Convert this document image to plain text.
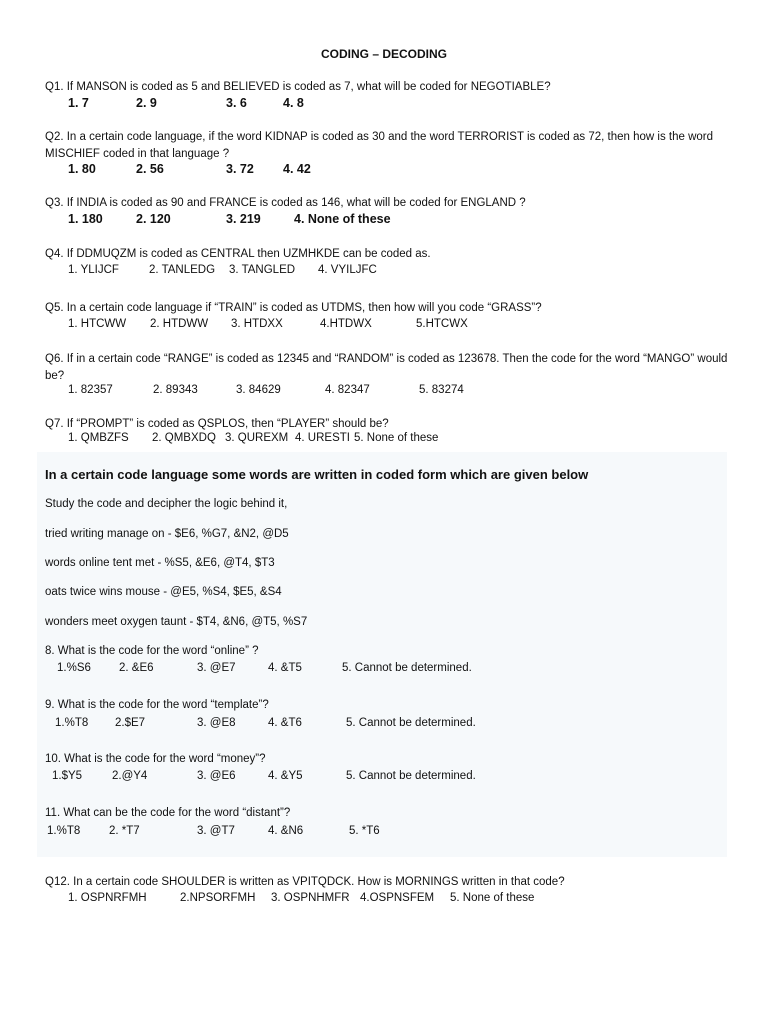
CODING – DECODING
Q1. If MANSON is coded as 5 and BELIEVED is coded as 7, what will be coded for NEGOTIABLE?
1. 7	2. 9	3. 6	4. 8
Q2. In a certain code language, if the word KIDNAP is coded as 30 and the word TERRORIST is coded as 72, then how is the word MISCHIEF coded in that language ?
1. 80	2. 56	3. 72 4. 42
Q3. If INDIA is coded as 90 and FRANCE is coded as 146, what will be coded for ENGLAND ?
1. 180	2. 120	3. 219	4. None of these
Q4. If DDMUQZM is coded as CENTRAL then UZMHKDE can be coded as.
1. YLIJCF	2. TANLEDG 3. TANGLED 4. VYILJFC
Q5. In a certain code language if “TRAIN” is coded as UTDMS, then how will you code “GRASS”?
1. HTCWW 2. HTDWW 3. HTDXX	4.HTDWX	5.HTCWX
Q6. If in a certain code “RANGE” is coded as 12345 and “RANDOM” is coded as 123678. Then the code for the word “MANGO” would be?
1. 82357	2. 89343	3. 84629	4. 82347	5. 83274
Q7. If “PROMPT” is coded as QSPLOS, then “PLAYER” should be?
1. QMBZFS 2. QMBXDQ 3. QUREXM 4. URESTI 5. None of these
In a certain code language some words are written in coded form which are given below
Study the code and decipher the logic behind it,
tried writing manage on - $E6, %G7, &N2, @D5
words online tent met - %S5, &E6, @T4, $T3
oats twice wins mouse - @E5, %S4, $E5, &S4
wonders meet oxygen taunt - $T4, &N6, @T5, %S7
8. What is the code for the word “online” ?
1.%S6 2. &E6	3. @E7	4. &T5	5. Cannot be determined.
9. What is the code for the word “template”?
1.%T8 2.$E7	3. @E8	4. &T6	5. Cannot be determined.
10. What is the code for the word “money”?
1.$Y5	2.@Y4	3. @E6	4. &Y5	5. Cannot be determined.
11. What can be the code for the word “distant”?
1.%T8	2. *T7	3. @T7	4. &N6	5. *T6
Q12. In a certain code SHOULDER is written as VPITQDCK. How is MORNINGS written in that code?
1. OSPNRFMH	2.NPSORFMH 3. OSPNHMFR 4.OSPNSFEM 5. None of these
